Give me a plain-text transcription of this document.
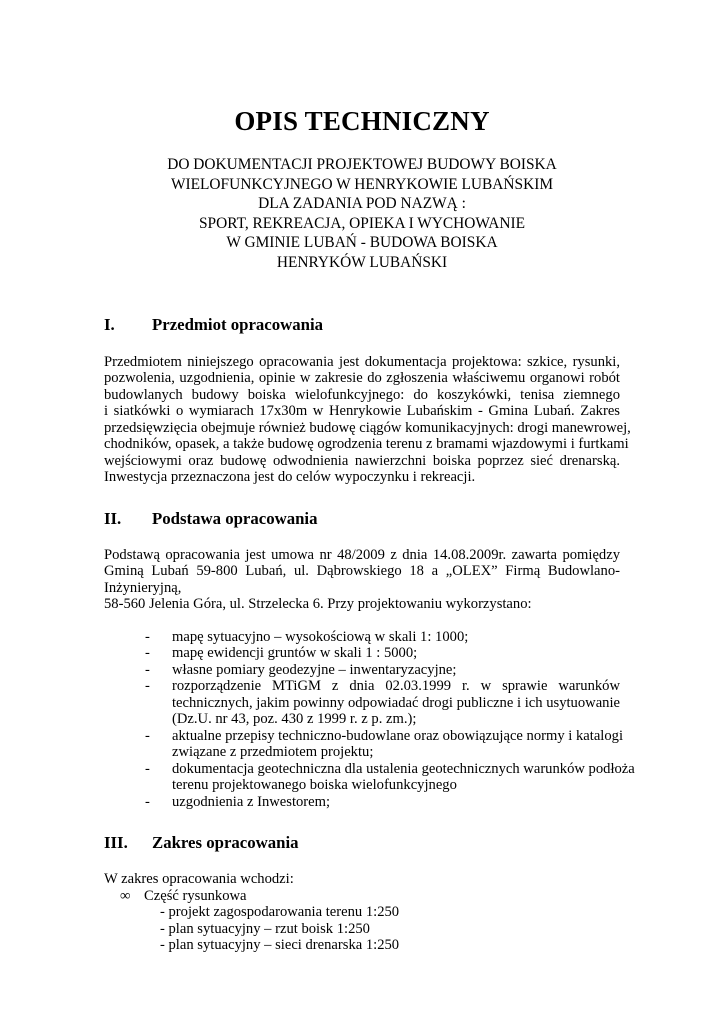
OPIS TECHNICZNY
DO DOKUMENTACJI PROJEKTOWEJ BUDOWY BOISKA
WIELOFUNKCYJNEGO W HENRYKOWIE LUBAŃSKIM
DLA ZADANIA POD NAZWĄ :
SPORT, REKREACJA, OPIEKA I WYCHOWANIE
W GMINIE LUBAŃ - BUDOWA BOISKA
HENRYKÓW LUBAŃSKI
I.	Przedmiot opracowania
Przedmiotem niniejszego opracowania jest dokumentacja projektowa: szkice, rysunki,
pozwolenia, uzgodnienia, opinie w zakresie do zgłoszenia właściwemu organowi robót
budowlanych budowy boiska wielofunkcyjnego: do koszykówki, tenisa ziemnego
i siatkówki o wymiarach 17x30m w Henrykowie Lubańskim - Gmina Lubań. Zakres
przedsięwzięcia obejmuje również budowę ciągów komunikacyjnych: drogi manewrowej,
chodników, opasek, a także budowę ogrodzenia terenu z bramami wjazdowymi i furtkami
wejściowymi oraz budowę odwodnienia nawierzchni boiska poprzez sieć drenarską.
Inwestycja przeznaczona jest do celów wypoczynku i rekreacji.
II.	Podstawa opracowania
Podstawą opracowania jest umowa nr 48/2009 z dnia 14.08.2009r. zawarta pomiędzy
Gminą Lubań 59-800 Lubań, ul. Dąbrowskiego 18 a „OLEX” Firmą Budowlano-
Inżynieryjną,
58-560 Jelenia Góra, ul. Strzelecka 6. Przy projektowaniu wykorzystano:
- mapę sytuacyjno – wysokościową w skali 1: 1000;
- mapę ewidencji gruntów w skali 1 : 5000;
- własne pomiary geodezyjne – inwentaryzacyjne;
- rozporządzenie MTiGM z dnia 02.03.1999 r. w sprawie warunków
technicznych, jakim powinny odpowiadać drogi publiczne i ich usytuowanie
(Dz.U. nr 43, poz. 430 z 1999 r. z p. zm.);
- aktualne przepisy techniczno-budowlane oraz obowiązujące normy i katalogi
związane z przedmiotem projektu;
- dokumentacja geotechniczna dla ustalenia geotechnicznych warunków podłoża
terenu projektowanego boiska wielofunkcyjnego
- uzgodnienia z Inwestorem;
III.	Zakres opracowania
W zakres opracowania wchodzi:
∞ Część rysunkowa
- projekt zagospodarowania terenu 1:250
- plan sytuacyjny – rzut boisk 1:250
- plan sytuacyjny – sieci drenarska 1:250
